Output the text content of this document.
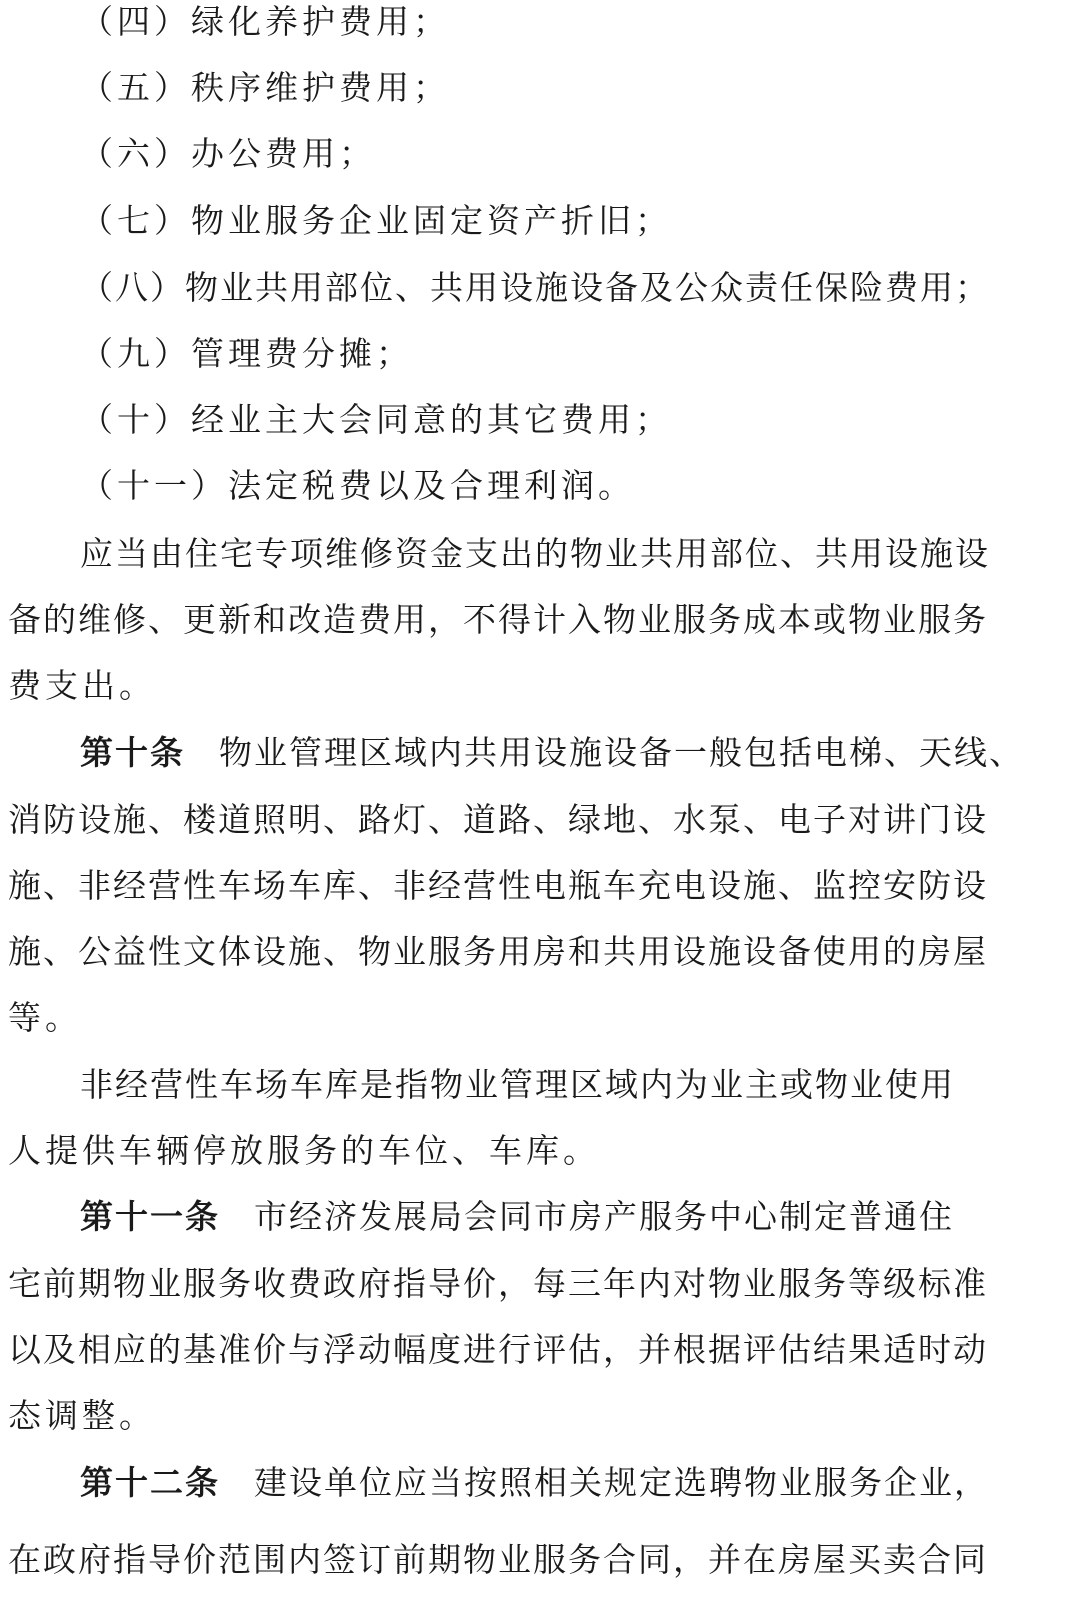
（四）绿化养护费用；
（五）秩序维护费用；
（六）办公费用；
（七）物业服务企业固定资产折旧；
（八）物业共用部位、共用设施设备及公众责任保险费用；
（九）管理费分摊；
（十）经业主大会同意的其它费用；
（十一）法定税费以及合理利润。
应当由住宅专项维修资金支出的物业共用部位、共用设施设
备的维修、更新和改造费用，不得计入物业服务成本或物业服务
费支出。
第十条 物业管理区域内共用设施设备一般包括电梯、天线、
消防设施、楼道照明、路灯、道路、绿地、水泵、电子对讲门设
施、非经营性车场车库、非经营性电瓶车充电设施、监控安防设
施、公益性文体设施、物业服务用房和共用设施设备使用的房屋
等。
非经营性车场车库是指物业管理区域内为业主或物业使用
人提供车辆停放服务的车位、车库。
第十一条 市经济发展局会同市房产服务中心制定普通住
宅前期物业服务收费政府指导价，每三年内对物业服务等级标准
以及相应的基准价与浮动幅度进行评估，并根据评估结果适时动
态调整。
第十二条 建设单位应当按照相关规定选聘物业服务企业，
在政府指导价范围内签订前期物业服务合同，并在房屋买卖合同
